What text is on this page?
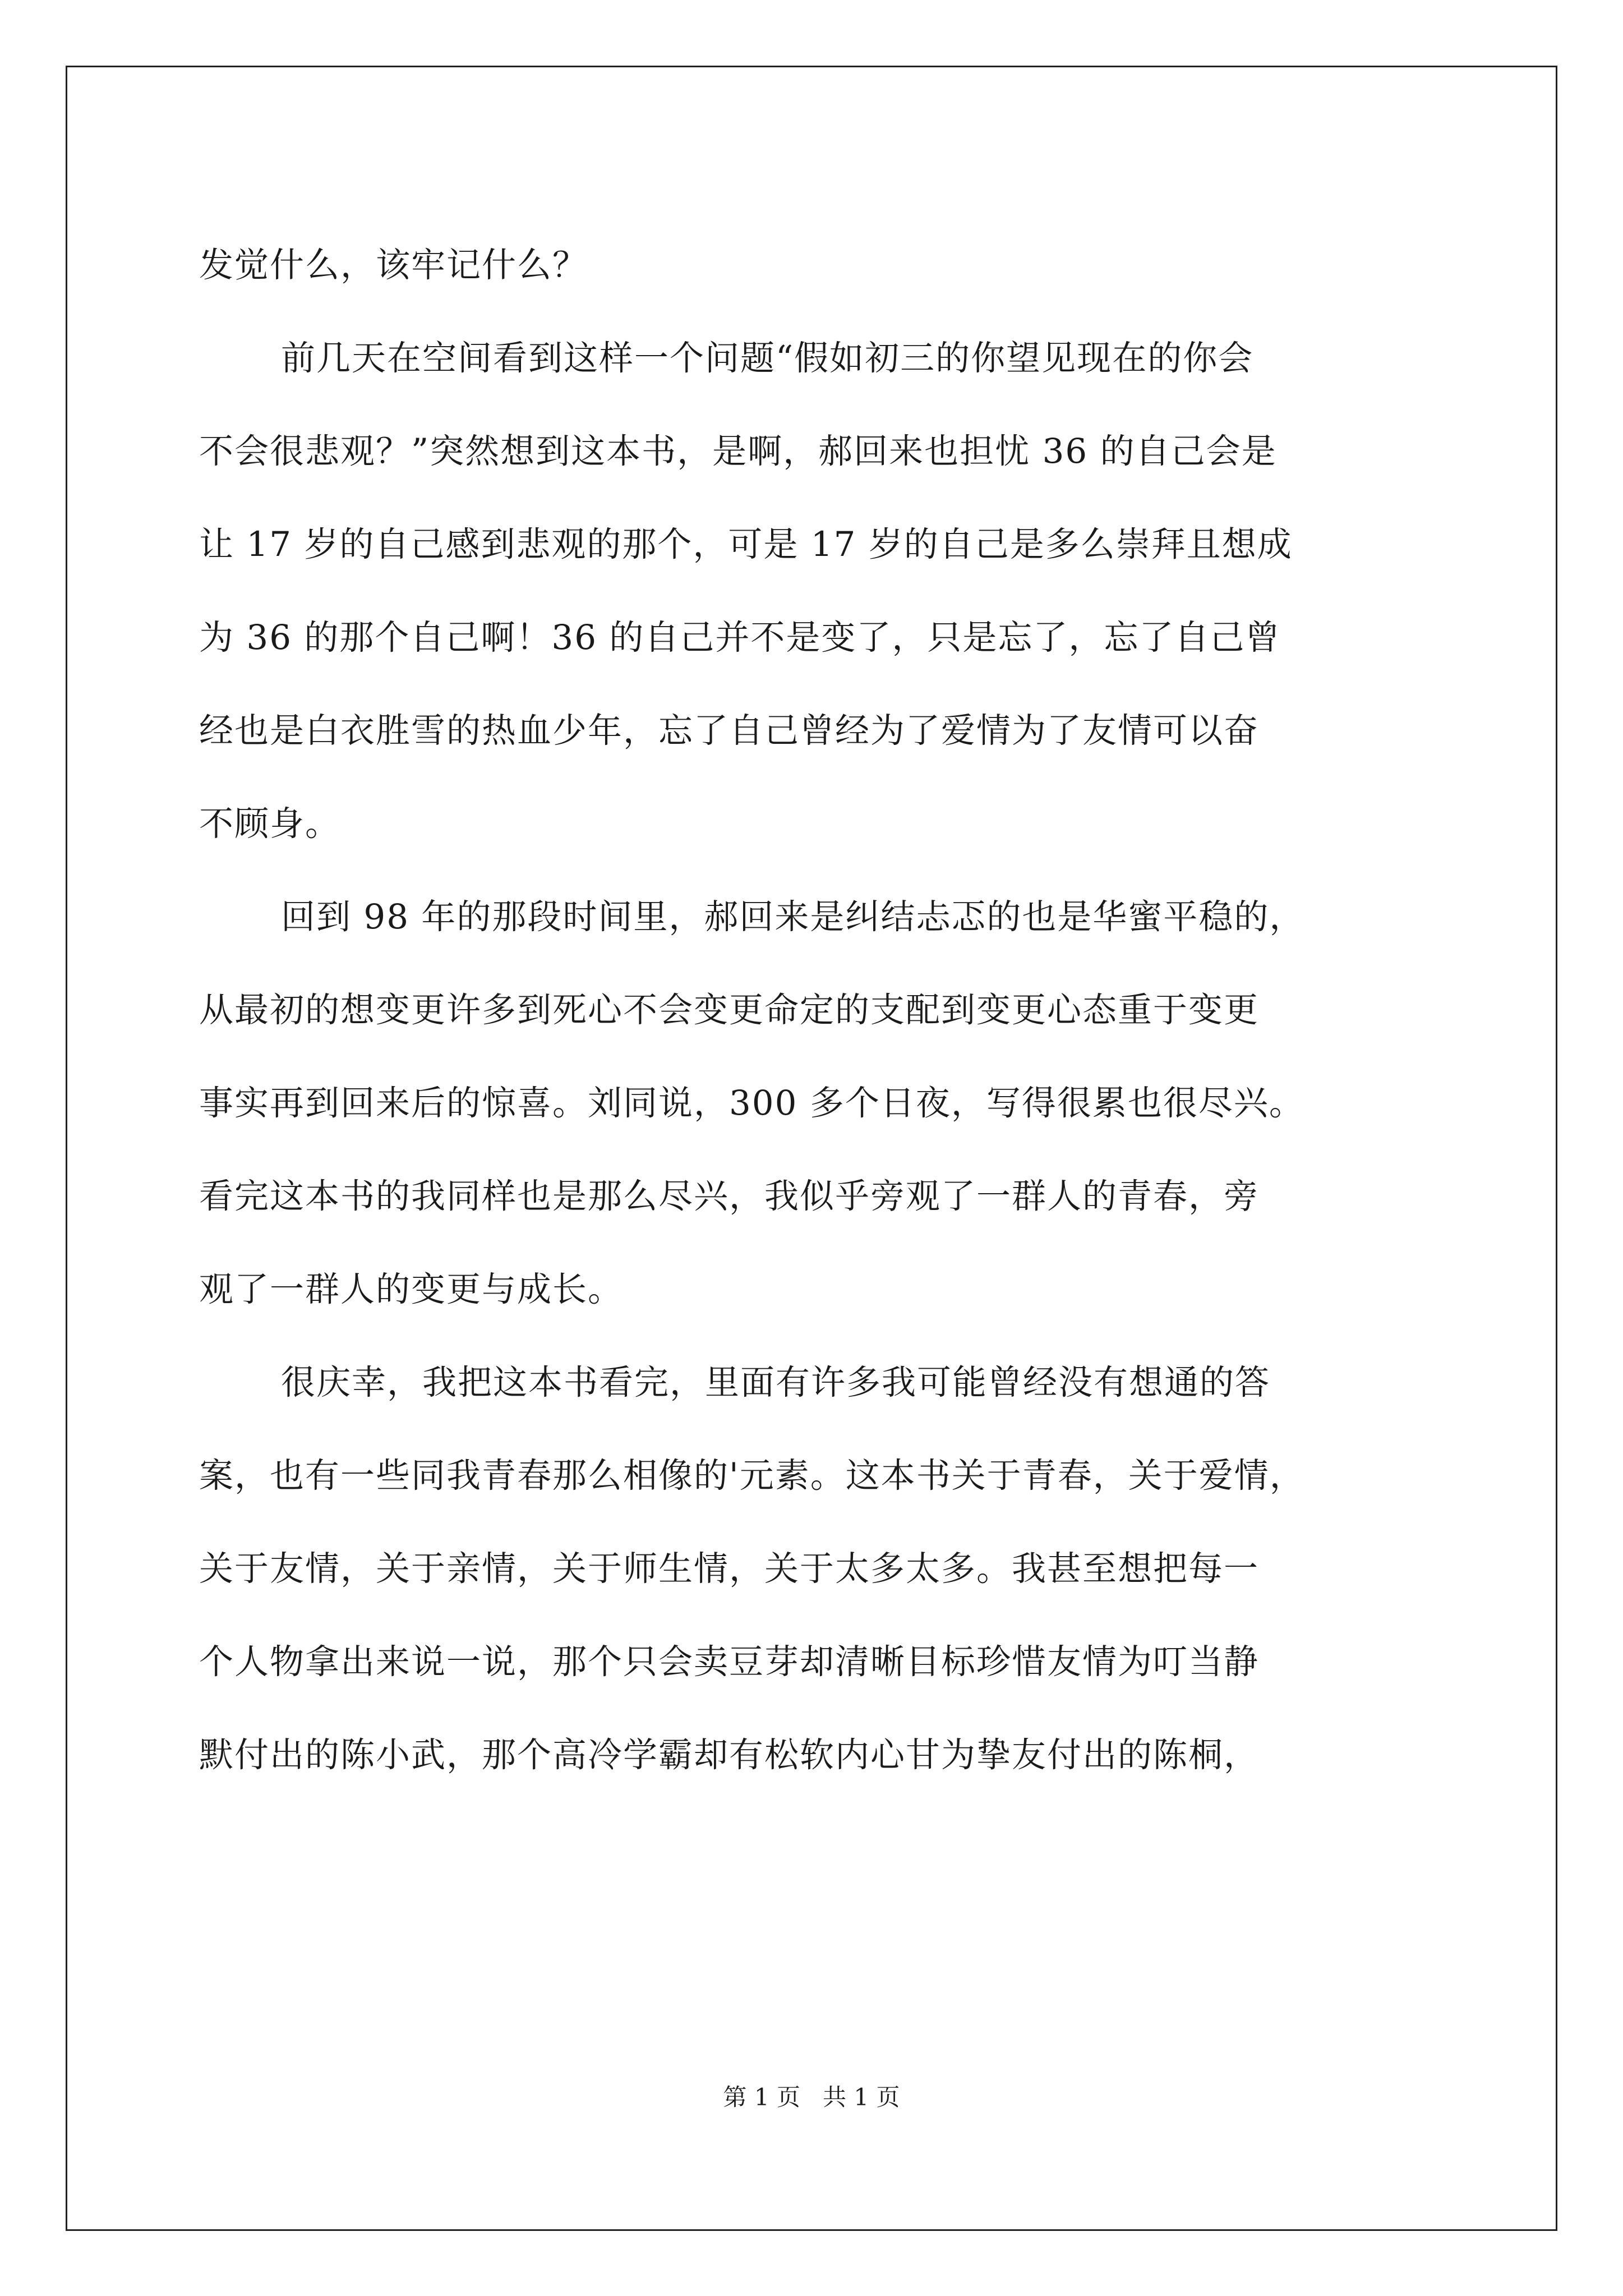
发觉什么，该牢记什么？
前几天在空间看到这样一个问题“假如初三的你望见现在的你会
不会很悲观？”突然想到这本书，是啊，郝回来也担忧 36 的自己会是
让 17 岁的自己感到悲观的那个，可是 17 岁的自己是多么崇拜且想成
为 36 的那个自己啊！36 的自己并不是变了，只是忘了，忘了自己曾
经也是白衣胜雪的热血少年，忘了自己曾经为了爱情为了友情可以奋
不顾身。
回到 98 年的那段时间里，郝回来是纠结忐忑的也是华蜜平稳的，
从最初的想变更许多到死心不会变更命定的支配到变更心态重于变更
事实再到回来后的惊喜。刘同说，300 多个日夜，写得很累也很尽兴。
看完这本书的我同样也是那么尽兴，我似乎旁观了一群人的青春，旁
观了一群人的变更与成长。
很庆幸，我把这本书看完，里面有许多我可能曾经没有想通的答
案，也有一些同我青春那么相像的'元素。这本书关于青春，关于爱情，
关于友情，关于亲情，关于师生情，关于太多太多。我甚至想把每一
个人物拿出来说一说，那个只会卖豆芽却清晰目标珍惜友情为叮当静
默付出的陈小武，那个高冷学霸却有松软内心甘为挚友付出的陈桐，
第 1 页   共 1 页
